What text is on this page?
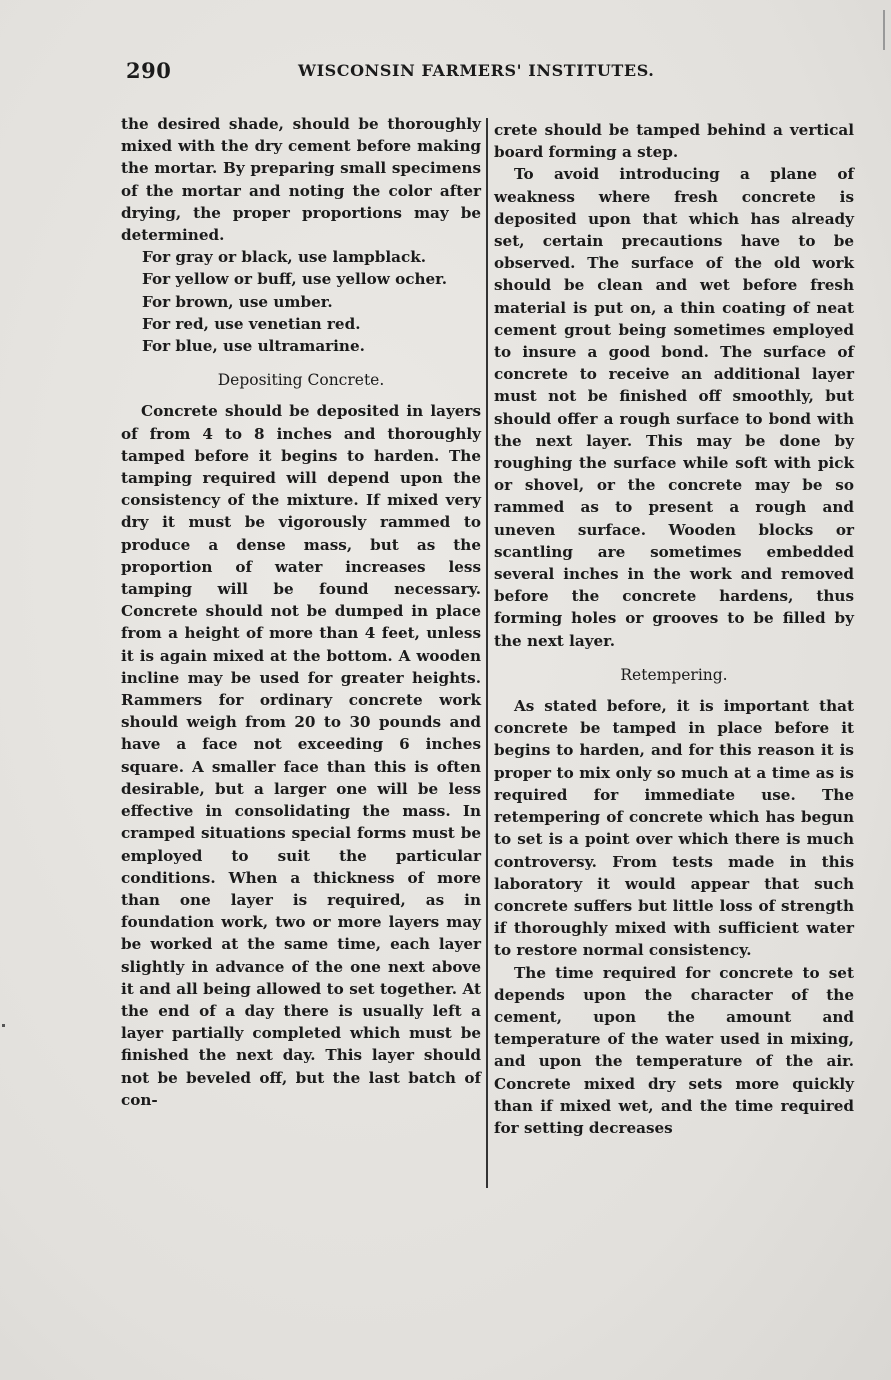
290	WISCONSIN FARMERS' INSTITUTES.

the desired shade, should be thoroughly mixed with the dry cement before making the mortar. By preparing small specimens of the mortar and noting the color after drying, the proper proportions may be determined.

For gray or black, use lampblack.

For yellow or buff, use yellow ocher.

For brown, use umber.

For red, use venetian red.

For blue, use ultramarine.

Depositing Concrete.

Concrete should be deposited in layers of from 4 to 8 inches and thoroughly tamped before it begins to harden. The tamping required will depend upon the consistency of the mixture. If mixed very dry it must be vigorously rammed to produce a dense mass, but as the proportion of water increases less tamping will be found necessary. Concrete should not be dumped in place from a height of more than 4 feet, unless it is again mixed at the bottom. A wooden incline may be used for greater heights. Rammers for ordinary concrete work should weigh from 20 to 30 pounds and have a face not exceeding 6 inches square. A smaller face than this is often desirable, but a larger one will be less effective in consolidating the mass. In cramped situations special forms must be employed to suit the particular conditions. When a thickness of more than one layer is required, as in foundation work, two or more layers may be worked at the same time, each layer slightly in advance of the one next above it and all being allowed to set together. At the end of a day there is usually left a layer partially completed which must be finished the next day. This layer should not be beveled off, but the last batch of con-

crete should be tamped behind a vertical board forming a step.

To avoid introducing a plane of weakness where fresh concrete is deposited upon that which has already set, certain precautions have to be observed. The surface of the old work should be clean and wet before fresh material is put on, a thin coating of neat cement grout being sometimes employed to insure a good bond. The surface of concrete to receive an additional layer must not be finished off smoothly, but should offer a rough surface to bond with the next layer. This may be done by roughing the surface while soft with pick or shovel, or the concrete may be so rammed as to present a rough and uneven surface. Wooden blocks or scantling are sometimes embedded several inches in the work and removed before the concrete hardens, thus forming holes or grooves to be filled by the next layer.

Retempering.

As stated before, it is important that concrete be tamped in place before it begins to harden, and for this reason it is proper to mix only so much at a time as is required for immediate use. The retempering of concrete which has begun to set is a point over which there is much controversy. From tests made in this laboratory it would appear that such concrete suffers but little loss of strength if thoroughly mixed with sufficient water to restore normal consistency.

The time required for concrete to set depends upon the character of the cement, upon the amount and temperature of the water used in mixing, and upon the temperature of the air. Concrete mixed dry sets more quickly than if mixed wet, and the time required for setting decreases
